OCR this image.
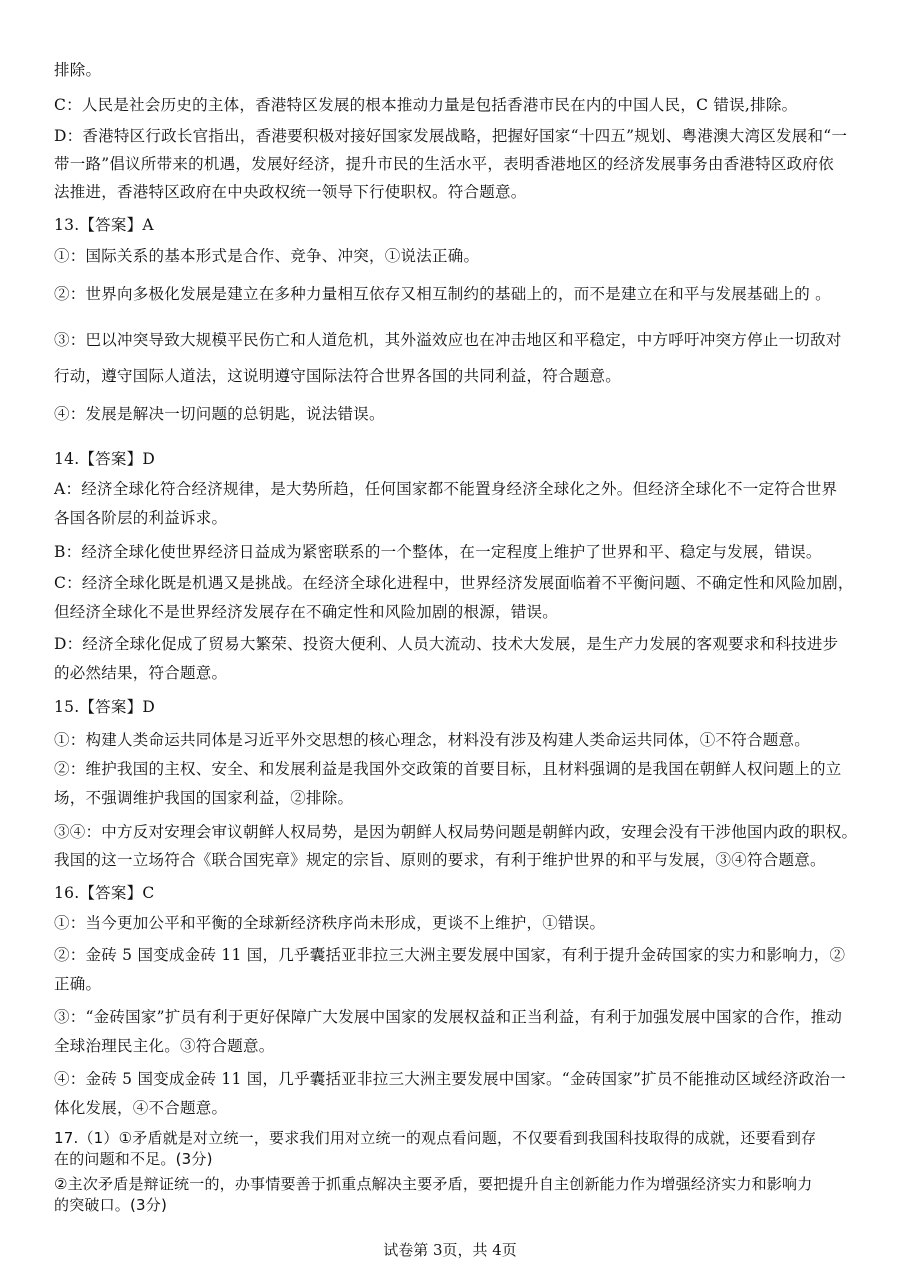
排除。
C：人民是社会历史的主体，香港特区发展的根本推动力量是包括香港市民在内的中国人民，C 错误,排除。
D：香港特区行政长官指出，香港要积极对接好国家发展战略，把握好国家“十四五”规划、粤港澳大湾区发展和“一
带一路”倡议所带来的机遇，发展好经济，提升市民的生活水平，表明香港地区的经济发展事务由香港特区政府依
法推进，香港特区政府在中央政权统一领导下行使职权。符合题意。
13.【答案】A
①：国际关系的基本形式是合作、竞争、冲突，①说法正确。
②：世界向多极化发展是建立在多种力量相互依存又相互制约的基础上的，而不是建立在和平与发展基础上的 。
③：巴以冲突导致大规模平民伤亡和人道危机，其外溢效应也在冲击地区和平稳定，中方呼吁冲突方停止一切敌对
行动，遵守国际人道法，这说明遵守国际法符合世界各国的共同利益，符合题意。
④：发展是解决一切问题的总钥匙，说法错误。
14.【答案】D
A：经济全球化符合经济规律，是大势所趋，任何国家都不能置身经济全球化之外。但经济全球化不一定符合世界
各国各阶层的利益诉求。
B：经济全球化使世界经济日益成为紧密联系的一个整体，在一定程度上维护了世界和平、稳定与发展，错误。
C：经济全球化既是机遇又是挑战。在经济全球化进程中，世界经济发展面临着不平衡问题、不确定性和风险加剧，
但经济全球化不是世界经济发展存在不确定性和风险加剧的根源，错误。
D：经济全球化促成了贸易大繁荣、投资大便利、人员大流动、技术大发展，是生产力发展的客观要求和科技进步
的必然结果，符合题意。
15.【答案】D
①：构建人类命运共同体是习近平外交思想的核心理念，材料没有涉及构建人类命运共同体，①不符合题意。
②：维护我国的主权、安全、和发展利益是我国外交政策的首要目标，且材料强调的是我国在朝鲜人权问题上的立
场，不强调维护我国的国家利益，②排除。
③④：中方反对安理会审议朝鲜人权局势，是因为朝鲜人权局势问题是朝鲜内政，安理会没有干涉他国内政的职权。
我国的这一立场符合《联合国宪章》规定的宗旨、原则的要求，有利于维护世界的和平与发展，③④符合题意。
16.【答案】C
①：当今更加公平和平衡的全球新经济秩序尚未形成，更谈不上维护，①错误。
②：金砖 5 国变成金砖 11 国，几乎囊括亚非拉三大洲主要发展中国家，有利于提升金砖国家的实力和影响力，②
正确。
③：“金砖国家”扩员有利于更好保障广大发展中国家的发展权益和正当利益，有利于加强发展中国家的合作，推动
全球治理民主化。③符合题意。
④：金砖 5 国变成金砖 11 国，几乎囊括亚非拉三大洲主要发展中国家。“金砖国家”扩员不能推动区域经济政治一
体化发展，④不合题意。
17.（1）①矛盾就是对立统一，要求我们用对立统一的观点看问题，不仅要看到我国科技取得的成就，还要看到存
在的问题和不足。(3分)
②主次矛盾是辩证统一的，办事情要善于抓重点解决主要矛盾，要把提升自主创新能力作为增强经济实力和影响力
的突破口。(3分)
试卷第 3页，共 4页
